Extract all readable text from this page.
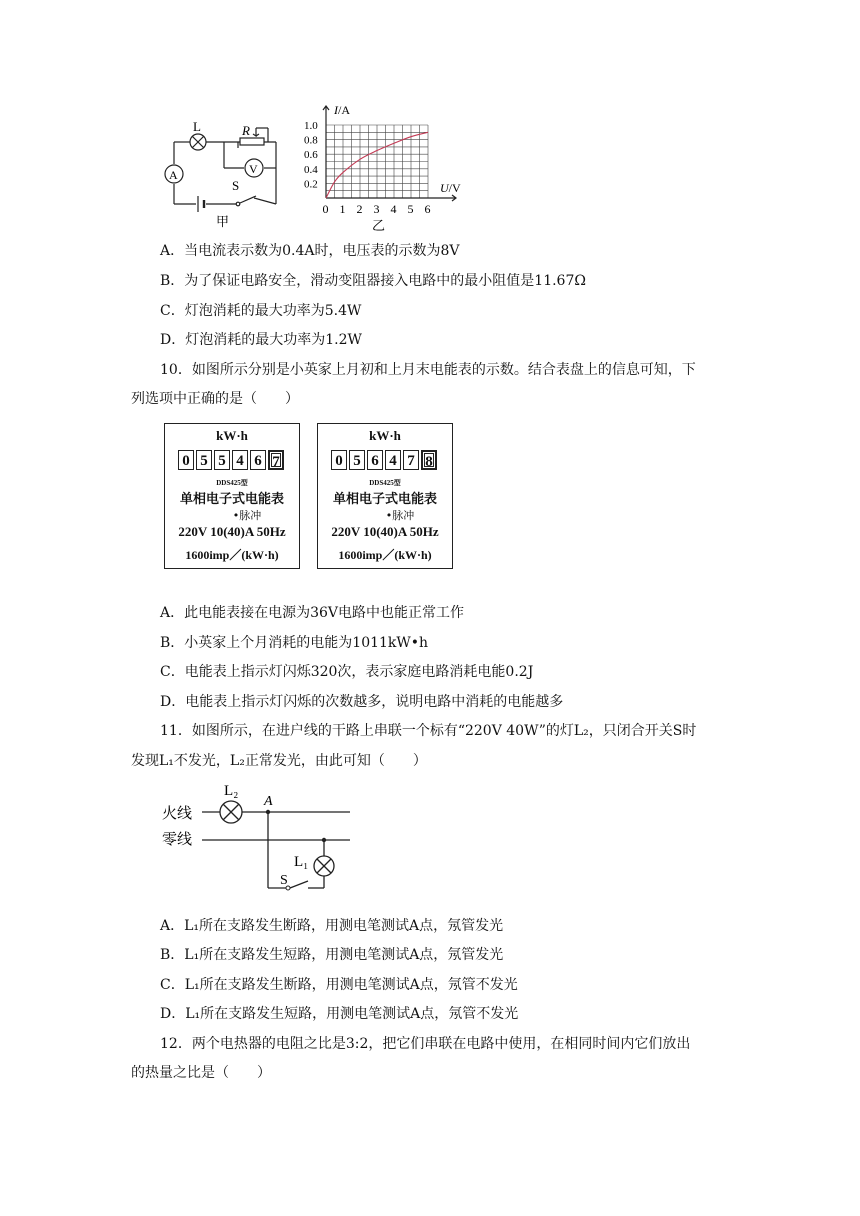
L	R
A	V
S
甲
0 1 2 3 4 5 6
1.0
0.8
0.6
0.4
0.2
I/A
U/V
乙
A．当电流表示数为0.4A时，电压表的示数为8V
B．为了保证电路安全，滑动变阻器接入电路中的最小阻值是11.67Ω
C．灯泡消耗的最大功率为5.4W
D．灯泡消耗的最大功率为1.2W
10．如图所示分别是小英家上月初和上月末电能表的示数。结合表盘上的信息可知，下
列选项中正确的是（　　）
kW·h
0 5 5 4 6 7
DDS425型
单相电子式电能表
•脉冲
220V 10(40)A 50Hz
1600imp／(kW·h)
kW·h
0 5 6 4 7 8
DDS425型
单相电子式电能表
•脉冲
220V 10(40)A 50Hz
1600imp／(kW·h)
A．此电能表接在电源为36V电路中也能正常工作
B．小英家上个月消耗的电能为1011kW•h
C．电能表上指示灯闪烁320次，表示家庭电路消耗电能0.2J
D．电能表上指示灯闪烁的次数越多，说明电路中消耗的电能越多
11．如图所示，在进户线的干路上串联一个标有“220V 40W”的灯L₂，只闭合开关S时
发现L₁不发光，L₂正常发光，由此可知（　　）
火线
零线
L₂
A
L₁
S
A．L₁所在支路发生断路，用测电笔测试A点，氖管发光
B．L₁所在支路发生短路，用测电笔测试A点，氖管发光
C．L₁所在支路发生断路，用测电笔测试A点，氖管不发光
D．L₁所在支路发生短路，用测电笔测试A点，氖管不发光
12．两个电热器的电阻之比是3:2，把它们串联在电路中使用，在相同时间内它们放出
的热量之比是（　　）
